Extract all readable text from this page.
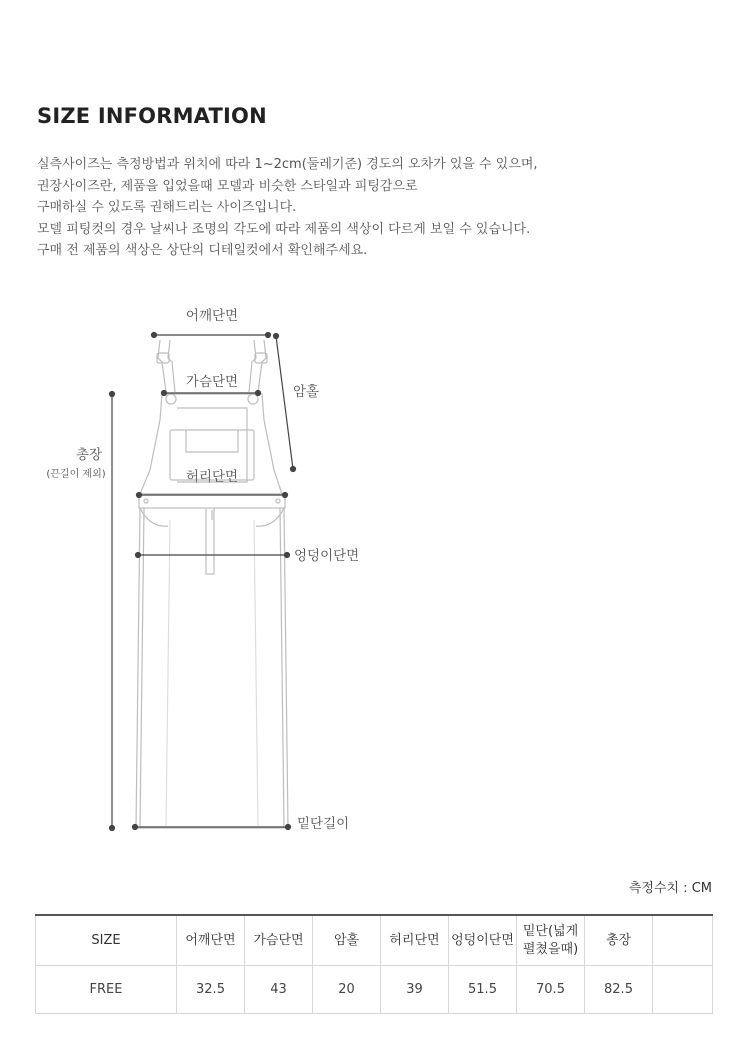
SIZE INFORMATION
실측사이즈는 측정방법과 위치에 따라 1~2cm(둘레기준) 경도의 오차가 있을 수 있으며,
권장사이즈란, 제품을 입었을때 모델과 비슷한 스타일과 피팅감으로
구매하실 수 있도록 권해드리는 사이즈입니다.
모델 피팅컷의 경우 날씨나 조명의 각도에 따라 제품의 색상이 다르게 보일 수 있습니다.
구매 전 제품의 색상은 상단의 디테일컷에서 확인해주세요.
어깨단면
가슴단면
암홀
총장
(끈길이 제외)	허리단면
엉덩이단면
밑단길이
측정수치 : CM
SIZE	어깨단면	가슴단면	암홀	허리단면	엉덩이단면	밑단(넓게
펼쳤을때)	총장	
FREE	32.5	43	20	39	51.5	70.5	82.5	
